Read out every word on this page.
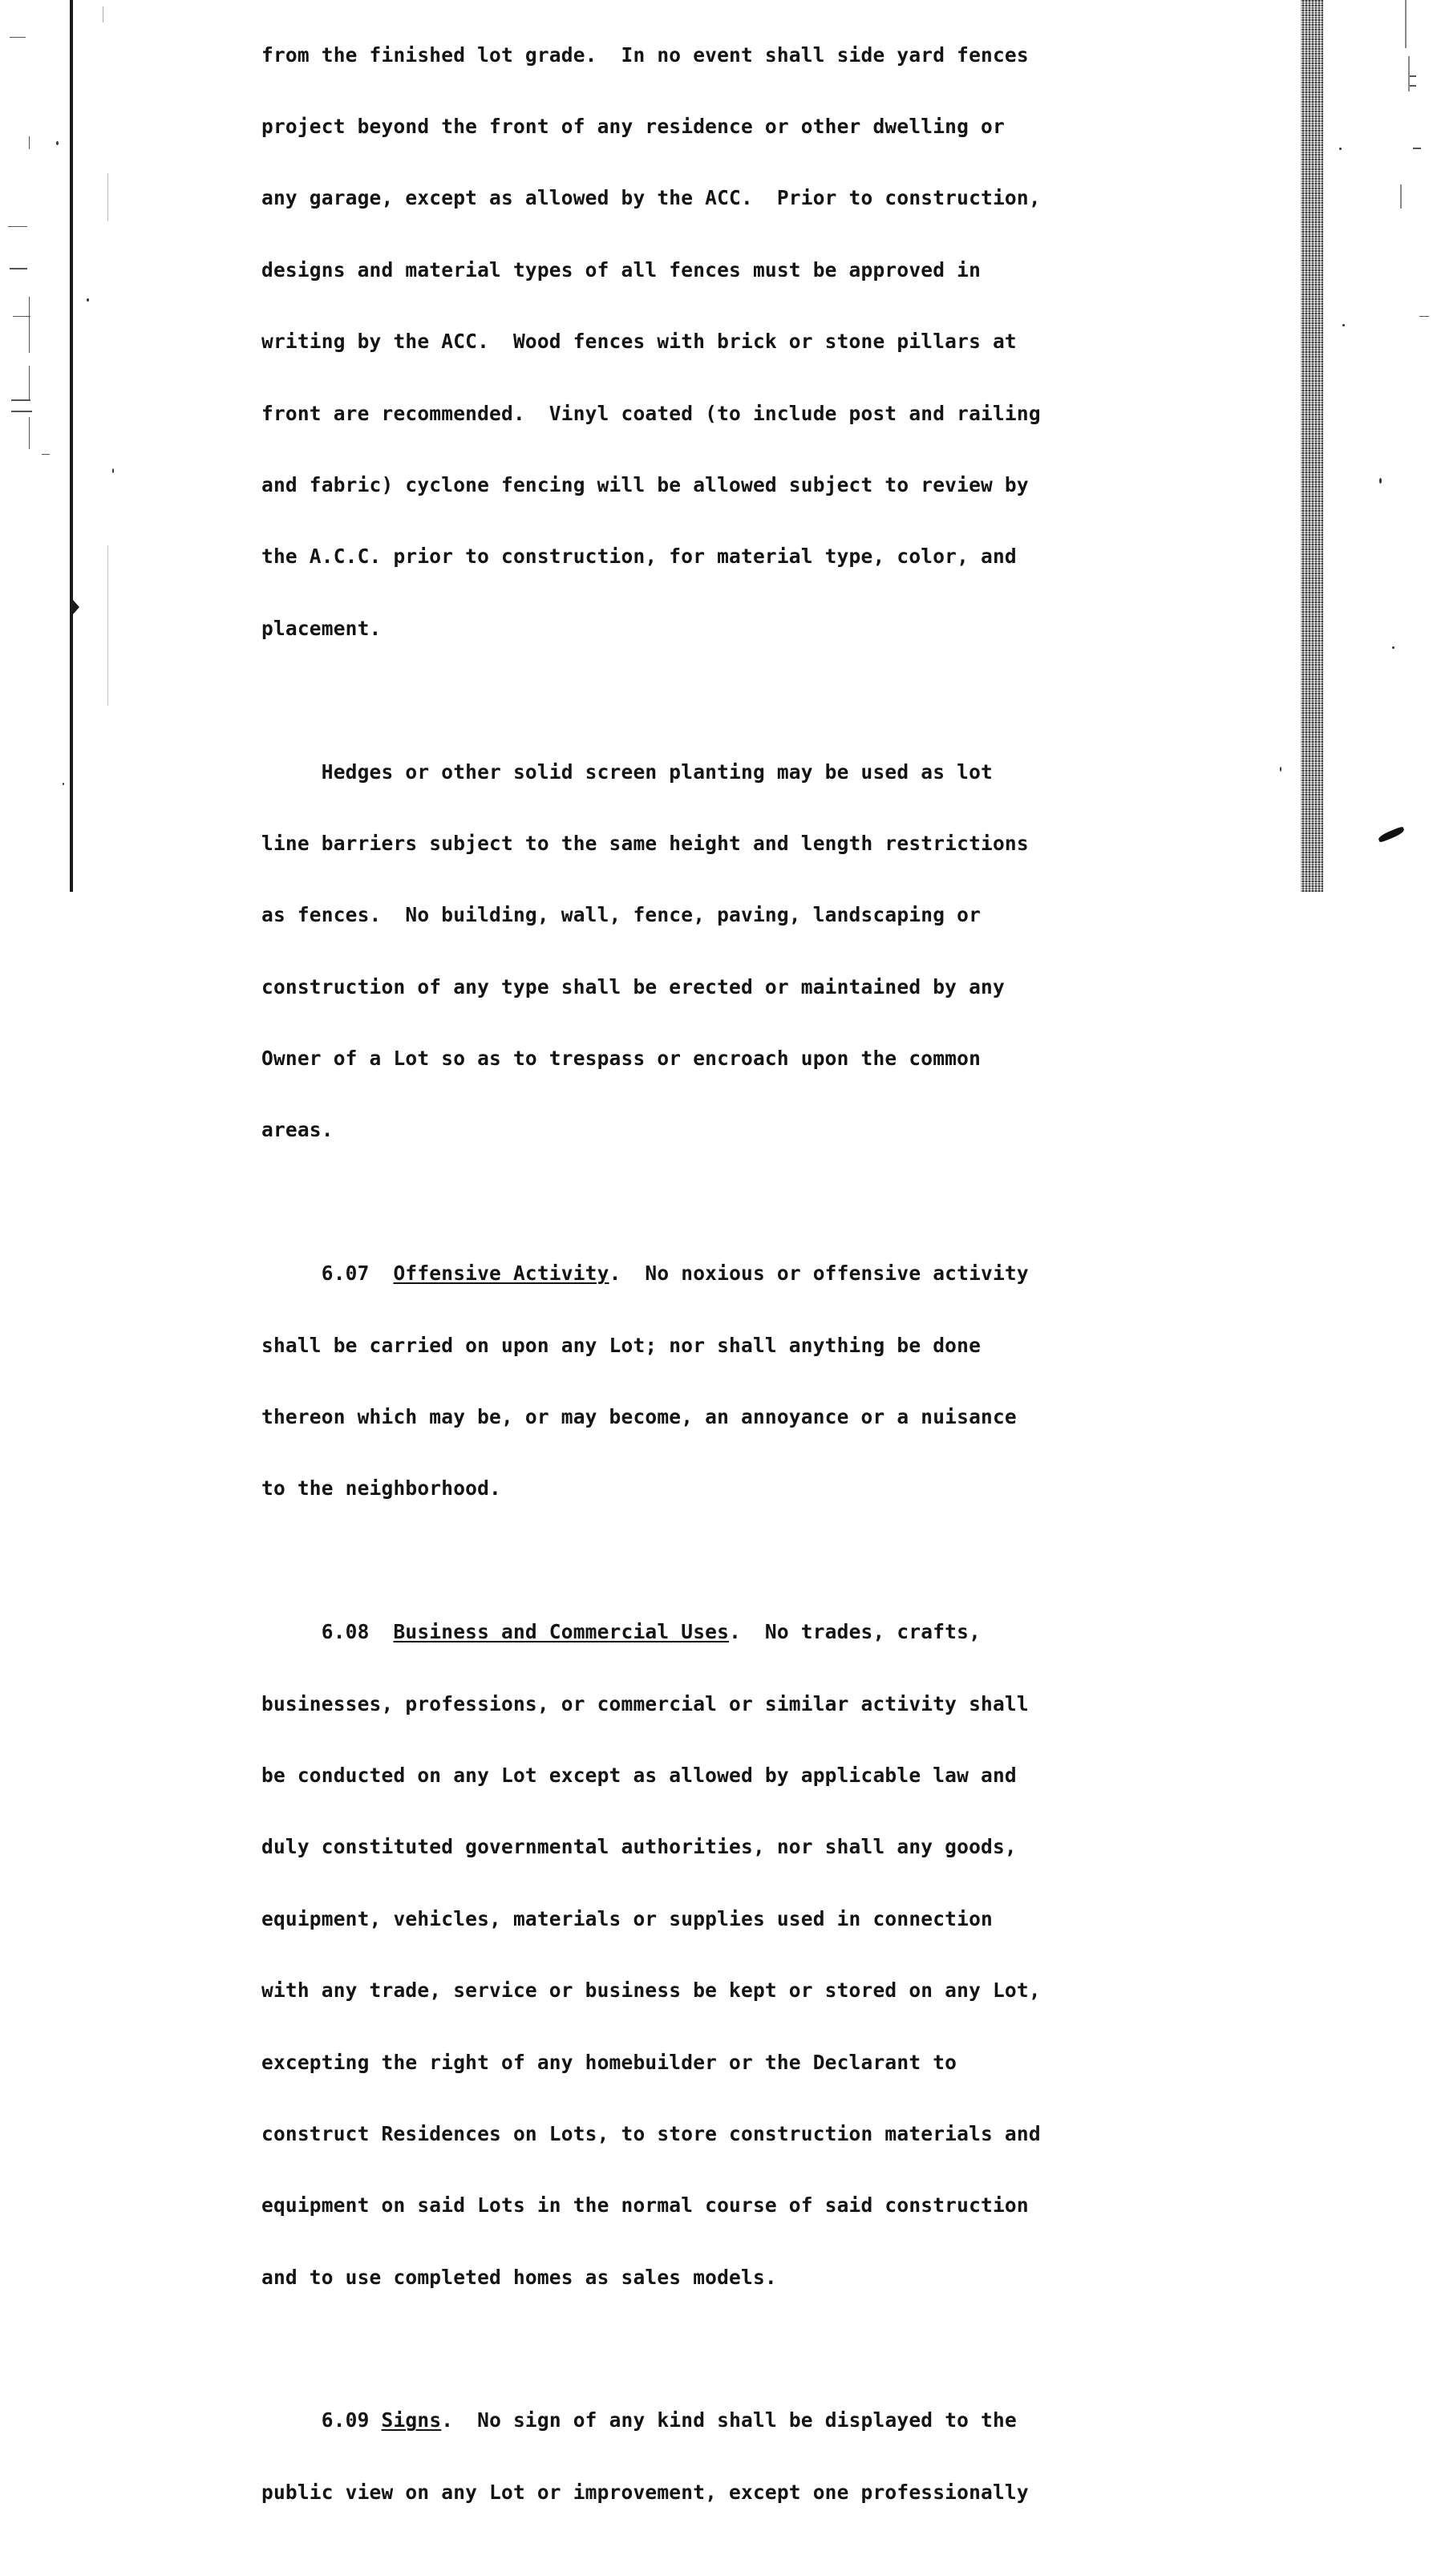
from the finished lot grade.  In no event shall side yard fences

project beyond the front of any residence or other dwelling or

any garage, except as allowed by the ACC.  Prior to construction,

designs and material types of all fences must be approved in

writing by the ACC.  Wood fences with brick or stone pillars at

front are recommended.  Vinyl coated (to include post and railing

and fabric) cyclone fencing will be allowed subject to review by

the A.C.C. prior to construction, for material type, color, and

placement.

Hedges or other solid screen planting may be used as lot

line barriers subject to the same height and length restrictions

as fences.  No building, wall, fence, paving, landscaping or

construction of any type shall be erected or maintained by any

Owner of a Lot so as to trespass or encroach upon the common

areas.

6.07  Offensive Activity.  No noxious or offensive activity

shall be carried on upon any Lot; nor shall anything be done

thereon which may be, or may become, an annoyance or a nuisance

to the neighborhood.

6.08  Business and Commercial Uses.  No trades, crafts,

businesses, professions, or commercial or similar activity shall

be conducted on any Lot except as allowed by applicable law and

duly constituted governmental authorities, nor shall any goods,

equipment, vehicles, materials or supplies used in connection

with any trade, service or business be kept or stored on any Lot,

excepting the right of any homebuilder or the Declarant to

construct Residences on Lots, to store construction materials and

equipment on said Lots in the normal course of said construction

and to use completed homes as sales models.

6.09 Signs.  No sign of any kind shall be displayed to the

public view on any Lot or improvement, except one professionally
